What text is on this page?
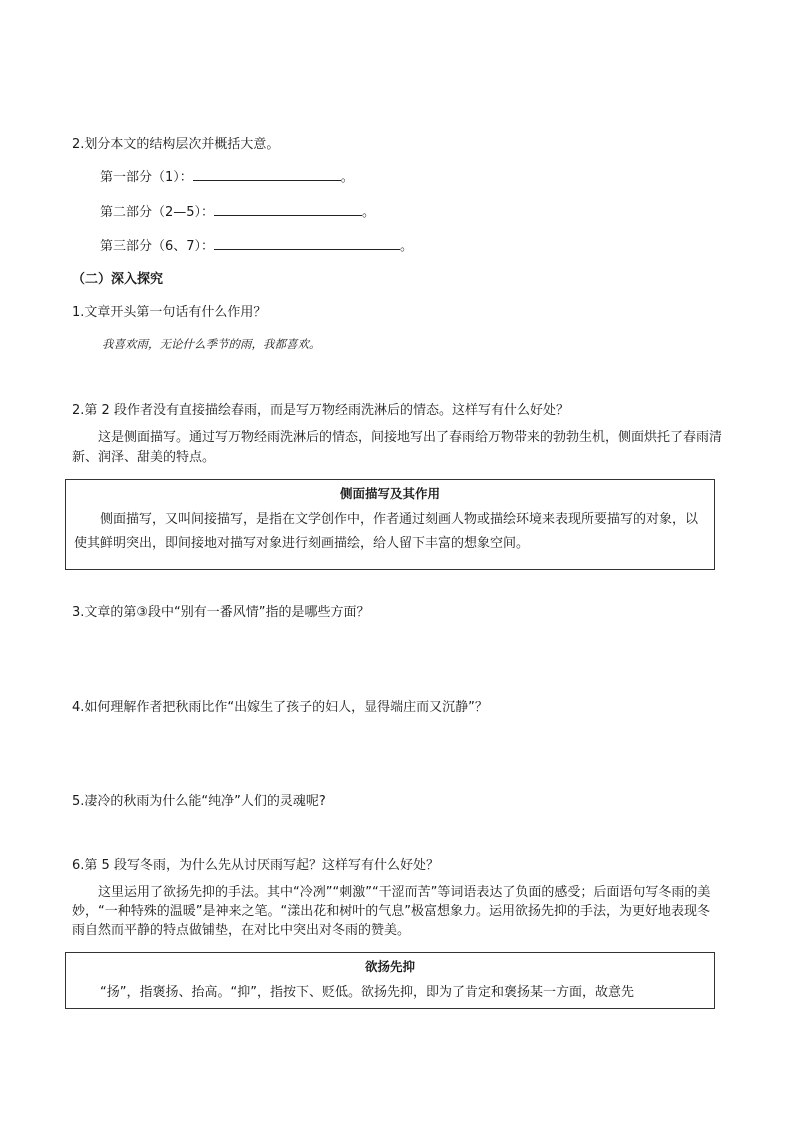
2.划分本文的结构层次并概括大意。
第一部分（1）：	。
第二部分（2—5）：	。
第三部分（6、7）：	。
（二）深入探究
1.文章开头第一句话有什么作用？
我喜欢雨，无论什么季节的雨，我都喜欢。
2.第 2 段作者没有直接描绘春雨，而是写万物经雨洗淋后的情态。这样写有什么好处？
这是侧面描写。通过写万物经雨洗淋后的情态，间接地写出了春雨给万物带来的勃勃生机，侧面烘托了春雨清新、润泽、甜美的特点。
侧面描写及其作用
侧面描写，又叫间接描写，是指在文学创作中，作者通过刻画人物或描绘环境来表现所要描写的对象，以使其鲜明突出，即间接地对描写对象进行刻画描绘，给人留下丰富的想象空间。
3.文章的第③段中“别有一番风情”指的是哪些方面？
4.如何理解作者把秋雨比作“出嫁生了孩子的妇人，显得端庄而又沉静”？
5.凄冷的秋雨为什么能“纯净”人们的灵魂呢?
6.第 5 段写冬雨，为什么先从讨厌雨写起？这样写有什么好处？
这里运用了欲扬先抑的手法。其中“冷冽”“刺激”“干涩而苦”等词语表达了负面的感受；后面语句写冬雨的美妙，“一种特殊的温暖”是神来之笔。“漾出花和树叶的气息”极富想象力。运用欲扬先抑的手法，为更好地表现冬雨自然而平静的特点做铺垫，在对比中突出对冬雨的赞美。
欲扬先抑
“扬”，指褒扬、抬高。“抑”，指按下、贬低。欲扬先抑，即为了肯定和褒扬某一方面，故意先
